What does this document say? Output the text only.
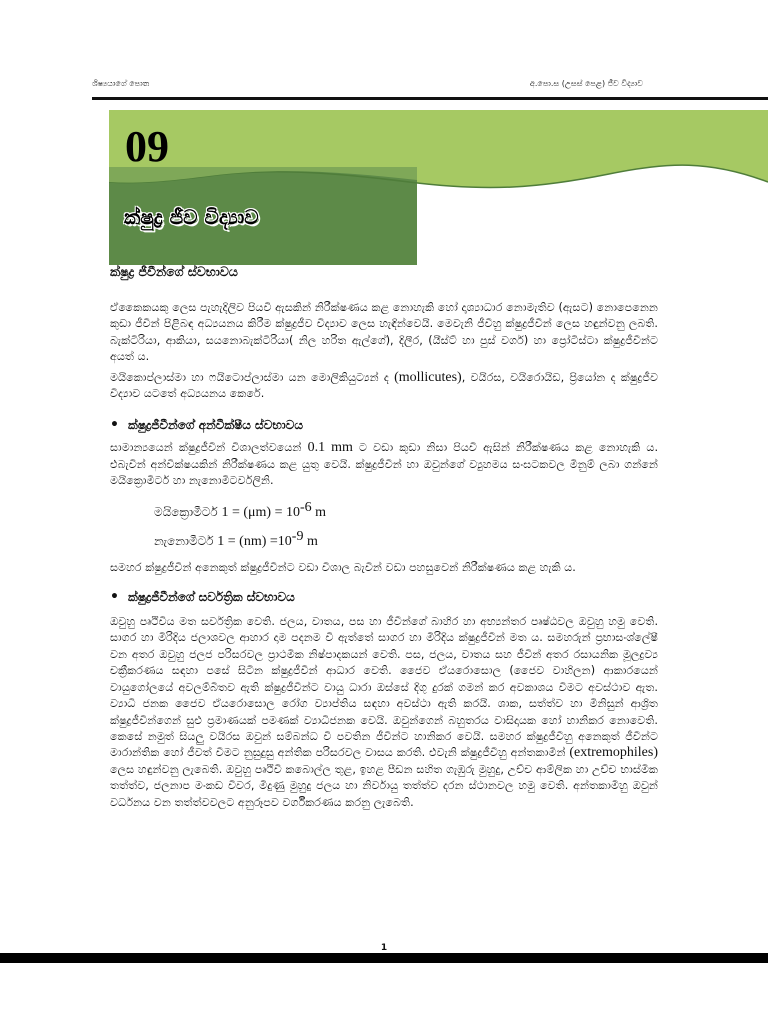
ශිෂ්‍යයාගේ පොත	අ.පො.ස (උසස් පෙළ) ජීව විද්‍යාව
09
ක්ෂුද්‍ර ජීව විද්‍යාව
ක්ෂුද්‍ර ජීවීන්ගේ ස්වභාවය

ඒකෛකයකු ලෙස පැහැදිලිව පියවි ඇසකින් නිරීක්ෂණය කළ නොහැකි හෝ දෘශ්‍යාධාර නොමැතිව (ඇසට) නොපෙනෙන කුඩා ජීවීන් පිළිබඳ අධ්‍යයනය කිරීම ක්ෂුද්‍රජීව විද්‍යාව ලෙස හැඳින්වෙයි. මෙවැනි ජීවීහු ක්ෂුද්‍රජීවීන් ලෙස හඳුන්වනු ලබති. බැක්ටීරියා, ආකියා, සයනොබැක්ටීරියා( නිල හරිත ඇල්ගේ), දිලීර, (යීස්ට් හා පුස් වර්ග) හා ප්‍රෝටිස්ටා ක්ෂුද්‍රජීවීන්ට අයත් ය.

මයිකොප්ලාස්මා හා ෆයිටොප්ලාස්මා යන මොලිකියුට්‍යන් ද (mollicutes), වයිරස, වයිරොයිඩ, ප්‍රියෝන ද ක්ෂුද්‍රජීව විද්‍යාව යටතේ අධ්‍යයනය කෙරේ.

• ක්ෂුද්‍රජීවීන්ගේ අන්වීක්ෂීය ස්වභාවය

සාමාන්‍යයෙන් ක්ෂුද්‍රජීවීන් විශාලත්වයෙන් 0.1 mm ට වඩා කුඩා නිසා පියවි ඇසින් නිරීක්ෂණය කළ නොහැකි ය. එබැවින් අන්වීක්ෂයකින් නිරීක්ෂණය කළ යුතු වෙයි. ක්ෂුද්‍රජීවීන් හා ඔවුන්ගේ ව්‍යුහමය සංඝටකවල මිනුම් ලබා ගන්නේ මයික්‍රොමීටර් හා නැනොමීටර්වලිනි.

මයික්‍රොමීටර් $1 = (\mu m) = 10^{-6}$ m
නැනොමීටර් $1 = (nm) =10^{-9}$ m

සමහර ක්ෂුද්‍රජීවීන් අනෙකුත් ක්ෂුද්‍රජීවීන්ට වඩා විශාල බැවින් වඩා පහසුවෙන් නිරීක්ෂණය කළ හැකි ය.

• ක්ෂුද්‍රජීවීන්ගේ සර්වත්‍රික ස්වභාවය

ඔවුහු පෘථිවිය මත සර්වත්‍රික වෙති. ජලය, වාතය, පස හා ජීවීන්ගේ බාහිර හා අභ්‍යන්තර පෘෂ්ඨවල ඔවුහු හමු වෙති. සාගර හා මිරිදිය ජලාශවල ආහාර දාම පදනම වී ඇත්තේ සාගර හා මිරිදිය ක්ෂුද්‍රජීවීන් මත ය. සමහරුන් ප්‍රභාසංශ්ලේෂී වන අතර ඔවුහු ජලජ පරිසරවල ප්‍රාථමික නිෂ්පාදකයන් වෙති. පස, ජලය, වාතය සහ ජීවීන් අතර රසායනික මූලද්‍රව්‍ය චක්‍රීකරණය සඳහා පසේ සිටින ක්ෂුද්‍රජීවීන් ආධාර වෙති. ජෛව ඒයරොසොල (ජෛව වාහිලන) ආකාරයෙන් වායුගෝලයේ අවලම්බිතව ඇති ක්ෂුද්‍රජීවීන්ට වායු ධාරා ඔස්සේ දිගු දුරක් ගමන් කර අවකාශය විමට අවස්ථාව ඇත. ව්‍යාධි ජනක ජෛව ඒයරොසොල රෝග ව්‍යාප්තිය සඳහා අවස්ථා ඇති කරයි. ශාක, සත්ත්ව හා මිනිසුන් ආශ්‍රිත ක්ෂුද්‍රජීවීන්ගෙන් සුළු ප්‍රමාණයක් පමණක් ව්‍යාධිජනක වෙයි. ඔවුන්ගෙන් බහුතරය වාසිදායක හෝ හානිකර නොවෙති. කෙසේ නමුත් සියලු වයිරස ඔවුන් සම්බන්ධ වී පවතින ජීවීන්ට හානිකර වෙයි. සමහර ක්ෂුද්‍රජීවීහු අනෙකුත් ජීවීන්ට මාරාන්තික හෝ ජීවත් වීමට නුසුදුසු අන්තික පරිසරවල වාසය කරති. එවැනි ක්ෂුද්‍රජීවීහු අන්තකාමීන් (extremophiles) ලෙස හඳුන්වනු ලැබෙති. ඔවුහු පෘථිවි කබොල්ල තුළ, ඉහළ පීඩන සහිත ගැඹුරු මුහුදු, උච්ච ආම්ලික හා උච්ච භාස්මික තත්ත්ව, ජලනාප මංකඩ විවර, මිදුණු මුහුදු ජලය හා නිර්වායු තත්ත්ව දරන ස්ථානවල හමු වෙති. අන්තකාමීහු ඔවුන් වර්ධනය වන තත්ත්වවලට අනුරූපව වර්ගීකරණය කරනු ලැබෙති.

1
